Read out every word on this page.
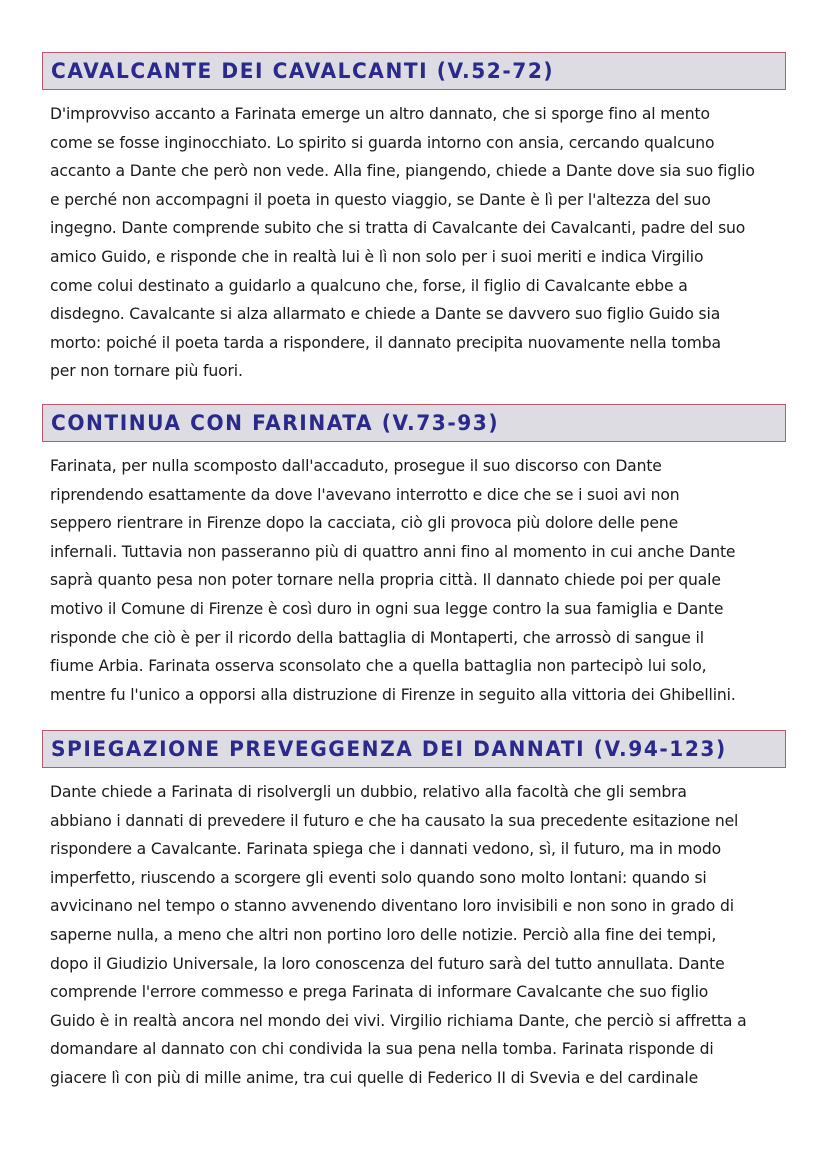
CAVALCANTE DEI CAVALCANTI (V.52-72)

D'improvviso accanto a Farinata emerge un altro dannato, che si sporge fino al mento
come se fosse inginocchiato. Lo spirito si guarda intorno con ansia, cercando qualcuno
accanto a Dante che però non vede. Alla fine, piangendo, chiede a Dante dove sia suo figlio
e perché non accompagni il poeta in questo viaggio, se Dante è lì per l'altezza del suo
ingegno. Dante comprende subito che si tratta di Cavalcante dei Cavalcanti, padre del suo
amico Guido, e risponde che in realtà lui è lì non solo per i suoi meriti e indica Virgilio
come colui destinato a guidarlo a qualcuno che, forse, il figlio di Cavalcante ebbe a
disdegno. Cavalcante si alza allarmato e chiede a Dante se davvero suo figlio Guido sia
morto: poiché il poeta tarda a rispondere, il dannato precipita nuovamente nella tomba
per non tornare più fuori.

CONTINUA CON FARINATA (V.73-93)

Farinata, per nulla scomposto dall'accaduto, prosegue il suo discorso con Dante
riprendendo esattamente da dove l'avevano interrotto e dice che se i suoi avi non
seppero rientrare in Firenze dopo la cacciata, ciò gli provoca più dolore delle pene
infernali. Tuttavia non passeranno più di quattro anni fino al momento in cui anche Dante
saprà quanto pesa non poter tornare nella propria città. Il dannato chiede poi per quale
motivo il Comune di Firenze è così duro in ogni sua legge contro la sua famiglia e Dante
risponde che ciò è per il ricordo della battaglia di Montaperti, che arrossò di sangue il
fiume Arbia. Farinata osserva sconsolato che a quella battaglia non partecipò lui solo,
mentre fu l'unico a opporsi alla distruzione di Firenze in seguito alla vittoria dei Ghibellini.

SPIEGAZIONE PREVEGGENZA DEI DANNATI (V.94-123)

Dante chiede a Farinata di risolvergli un dubbio, relativo alla facoltà che gli sembra
abbiano i dannati di prevedere il futuro e che ha causato la sua precedente esitazione nel
rispondere a Cavalcante. Farinata spiega che i dannati vedono, sì, il futuro, ma in modo
imperfetto, riuscendo a scorgere gli eventi solo quando sono molto lontani: quando si
avvicinano nel tempo o stanno avvenendo diventano loro invisibili e non sono in grado di
saperne nulla, a meno che altri non portino loro delle notizie. Perciò alla fine dei tempi,
dopo il Giudizio Universale, la loro conoscenza del futuro sarà del tutto annullata. Dante
comprende l'errore commesso e prega Farinata di informare Cavalcante che suo figlio
Guido è in realtà ancora nel mondo dei vivi. Virgilio richiama Dante, che perciò si affretta a
domandare al dannato con chi condivida la sua pena nella tomba. Farinata risponde di
giacere lì con più di mille anime, tra cui quelle di Federico II di Svevia e del cardinale
